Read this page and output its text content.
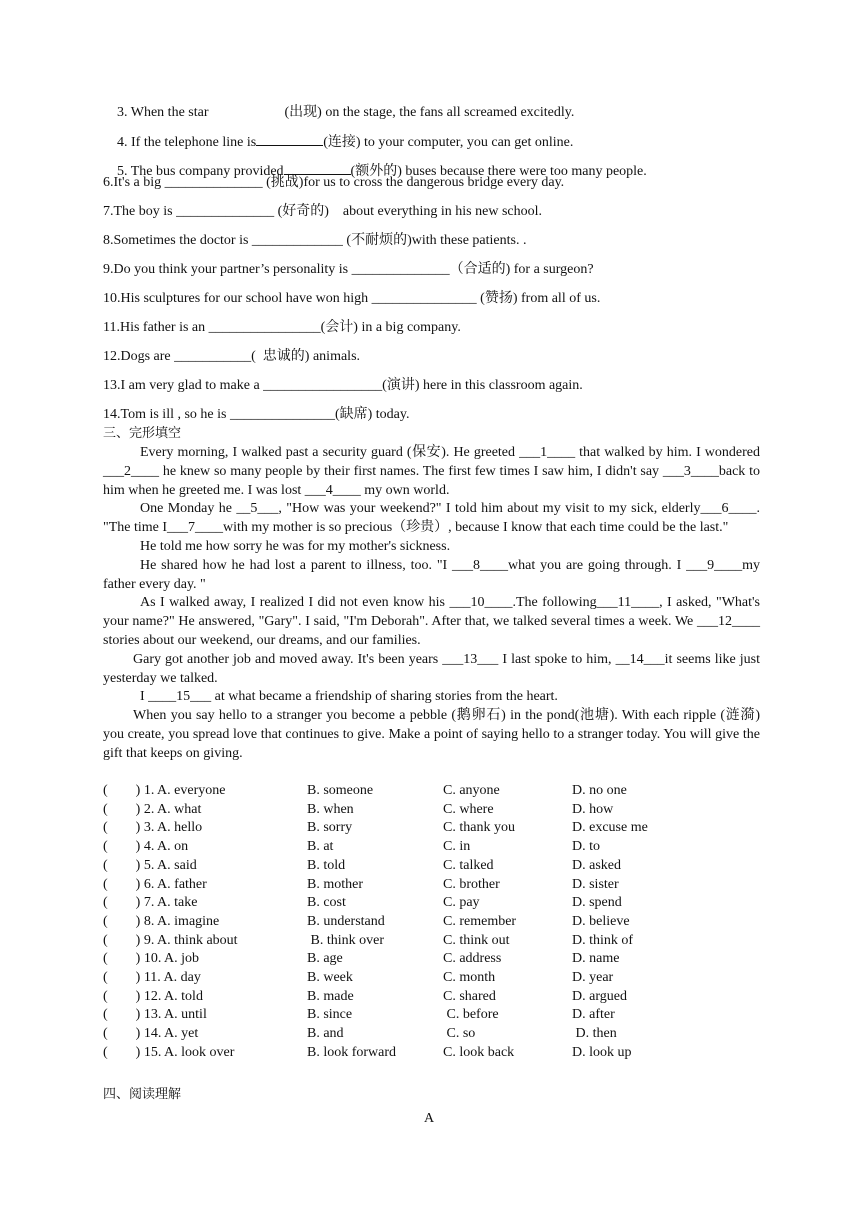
3. When the star	(出现) on the stage, the fans all screamed excitedly.

4. If the telephone line is	(连接) to your computer, you can get online.

5. The bus company provided	(额外的) buses because there were too many people.

6.It's a big ______________ (挑战)for us to cross the dangerous bridge every day.
7.The boy is ______________ (好奇的)    about everything in his new school.
8.Sometimes the doctor is _____________ (不耐烦的)with these patients. .
9.Do you think your partner’s personality is ______________（合适的) for a surgeon?
10.His sculptures for our school have won high _______________ (赞扬) from all of us.
11.His father is an ________________(会计) in a big company.
12.Dogs are ___________(  忠诚的) animals.
13.I am very glad to make a _________________(演讲) here in this classroom again.
14.Tom is ill , so he is _______________(缺席) today.
三、完形填空

Every morning, I walked past a security guard (保安). He greeted ___1____ that walked by him. I wondered ___2____ he knew so many people by their first names. The first few times I saw him, I didn't say ___3____back to him when he greeted me. I was lost ___4____ my own world.

One Monday he __5___, "How was your weekend?" I told him about my visit to my sick, elderly___6____. "The time I___7____with my mother is so precious（珍贵）, because I know that each time could be the last."

He told me how sorry he was for my mother's sickness.

He shared how he had lost a parent to illness, too. "I ___8____what you are going through. I ___9____my father every day. "

As I walked away, I realized I did not even know his ___10____.The following___11____, I asked, "What's your name?" He answered, "Gary". I said, "I'm Deborah". After that, we talked several times a week. We ___12____ stories about our weekend, our dreams, and our families.

Gary got another job and moved away. It's been years ___13___ I last spoke to him, __14___it seems like just yesterday we talked.

I ____15___ at what became a friendship of sharing stories from the heart.

When you say hello to a stranger you become a pebble (鹅卵石) in the pond(池塘). With each ripple (涟漪) you create, you spread love that continues to give. Make a point of saying hello to a stranger today. You will give the gift that keeps on giving.

(        ) 1. A. everyone	B. someone	C. anyone	D. no one
(        ) 2. A. what	B. when	C. where	D. how
(        ) 3. A. hello	B. sorry	C. thank you	D. excuse me
(        ) 4. A. on	B. at	C. in	D. to
(        ) 5. A. said	B. told	C. talked	D. asked
(        ) 6. A. father	B. mother	C. brother	D. sister
(        ) 7. A. take	B. cost	C. pay	D. spend
(        ) 8. A. imagine	B. understand	C. remember	D. believe
(        ) 9. A. think about	B. think over	C. think out	D. think of
(        ) 10. A. job	B. age	C. address	D. name
(        ) 11. A. day	B. week	C. month	D. year
(        ) 12. A. told	B. made	C. shared	D. argued
(        ) 13. A. until	B. since	C. before	D. after
(        ) 14. A. yet	B. and	C. so	D. then
(        ) 15. A. look over	B. look forward	C. look back	D. look up
四、阅读理解
A
